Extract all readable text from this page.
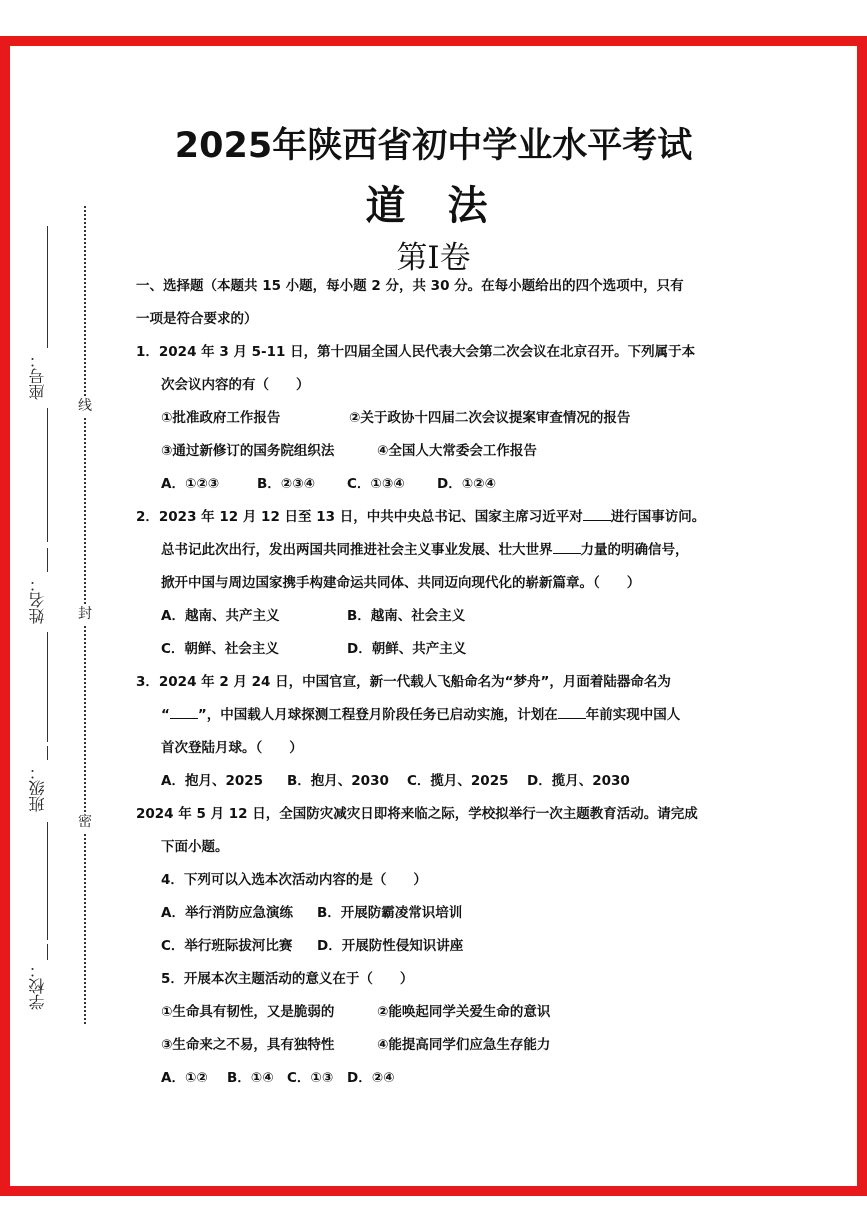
2025年陕西省初中学业水平考试
道 法
第Ⅰ卷
线
封
密
座号：
姓名：
班级：
学校：
一、选择题（本题共 15 小题，每小题 2 分，共 30 分。在每小题给出的四个选项中，只有
一项是符合要求的）
1．2024 年 3 月 5-11 日，第十四届全国人民代表大会第二次会议在北京召开。下列属于本
次会议内容的有（　　）
①批准政府工作报告	②关于政协十四届二次会议提案审查情况的报告
③通过新修订的国务院组织法	④全国人大常委会工作报告
A．①②③	B．②③④ C．①③④ D．①②④
2．2023 年 12 月 12 日至 13 日，中共中央总书记、国家主席习近平对 进行国事访问。
总书记此次出行，发出两国共同推进社会主义事业发展、壮大世界 力量的明确信号，
掀开中国与周边国家携手构建命运共同体、共同迈向现代化的崭新篇章。（　　）
A．越南、共产主义	B．越南、社会主义
C．朝鲜、社会主义	D．朝鲜、共产主义
3．2024 年 2 月 24 日，中国官宣，新一代载人飞船命名为“梦舟”，月面着陆器命名为
“ ”，中国载人月球探测工程登月阶段任务已启动实施，计划在 年前实现中国人
首次登陆月球。（　　）
A．抱月、2025 B．抱月、2030 C．揽月、2025 D．揽月、2030
2024 年 5 月 12 日，全国防灾减灾日即将来临之际，学校拟举行一次主题教育活动。请完成
下面小题。
4．下列可以入选本次活动内容的是（　　）
A．举行消防应急演练 B．开展防霸凌常识培训
C．举行班际拔河比赛 D．开展防性侵知识讲座
5．开展本次主题活动的意义在于（　　）
①生命具有韧性，又是脆弱的	②能唤起同学关爱生命的意识
③生命来之不易，具有独特性	④能提高同学们应急生存能力
A．①② B．①④ C．①③ D．②④
